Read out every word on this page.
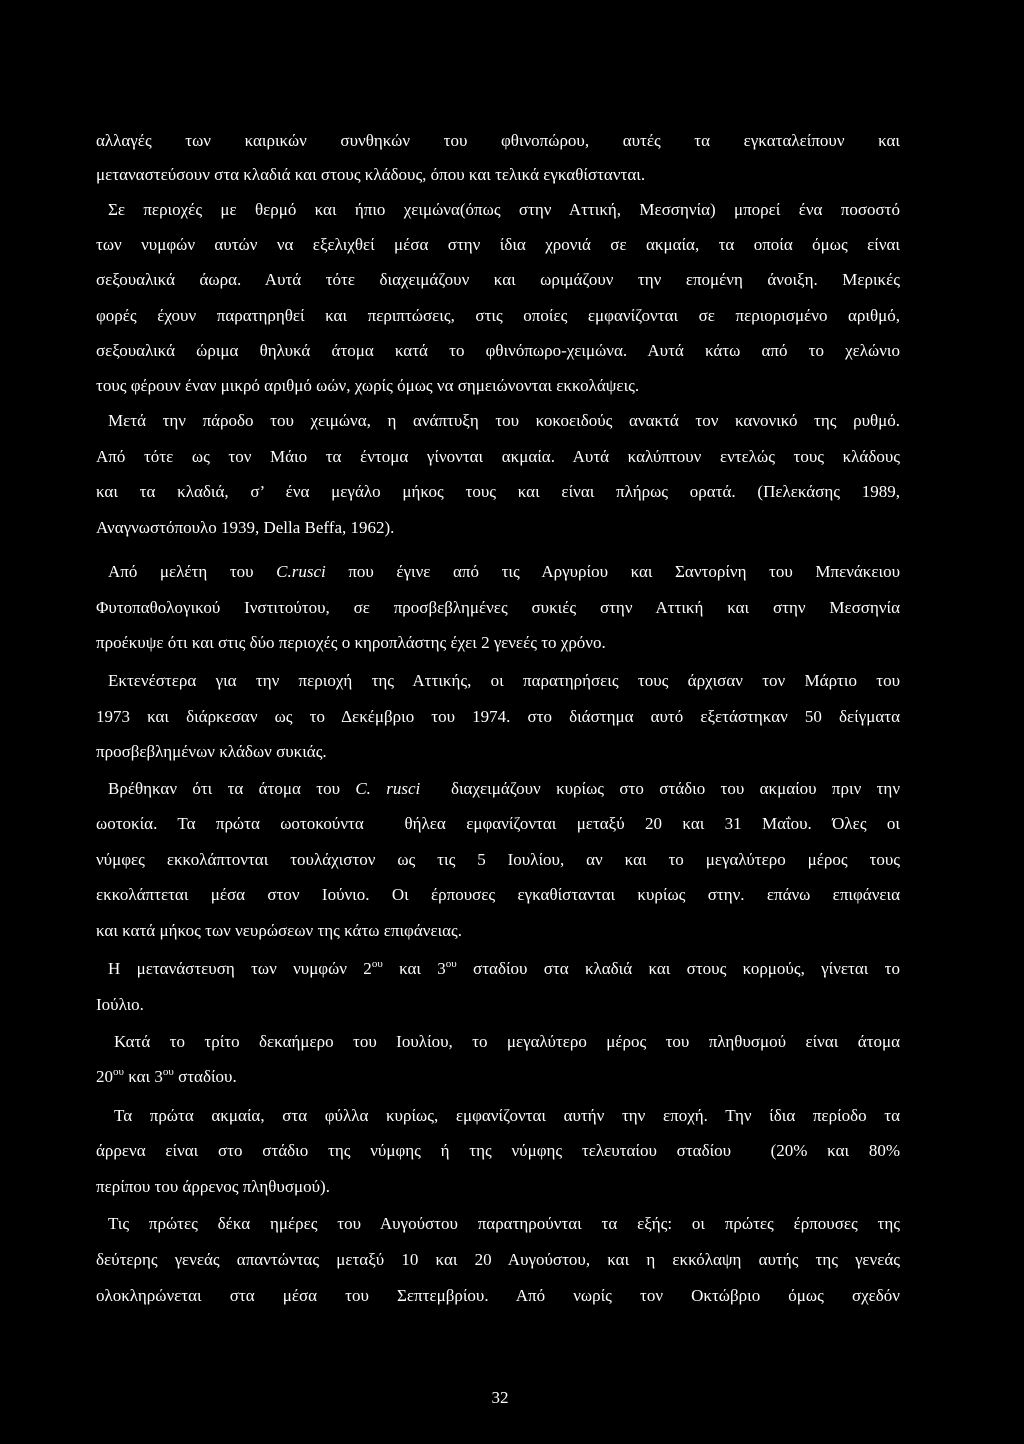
αλλαγές των καιρικών συνθηκών του φθινοπώρου, αυτές τα εγκαταλείπουν και

μεταναστεύσουν στα κλαδιά και στους κλάδους, όπου και τελικά εγκαθίστανται.

Σε περιοχές με θερμό και ήπιο χειμώνα(όπως στην Αττική, Μεσσηνία) μπορεί ένα ποσοστό

των νυμφών αυτών να εξελιχθεί μέσα στην ίδια χρονιά σε ακμαία, τα οποία όμως είναι

σεξουαλικά άωρα. Αυτά τότε διαχειμάζουν και ωριμάζουν την επομένη άνοιξη. Μερικές

φορές έχουν παρατηρηθεί και περιπτώσεις, στις οποίες εμφανίζονται σε περιορισμένο αριθμό,

σεξουαλικά ώριμα θηλυκά άτομα κατά το φθινόπωρο-χειμώνα. Αυτά κάτω από το χελώνιο

τους φέρουν έναν μικρό αριθμό ωών, χωρίς όμως να σημειώνονται εκκολάψεις.

Μετά την πάροδο του χειμώνα, η ανάπτυξη του κοκοειδούς ανακτά τον κανονικό της ρυθμό.

Από τότε ως τον Μάιο τα έντομα γίνονται ακμαία. Αυτά καλύπτουν εντελώς τους κλάδους

και τα κλαδιά, σ’ ένα μεγάλο μήκος τους και είναι πλήρως ορατά. (Πελεκάσης 1989,

Αναγνωστόπουλο 1939, Della Beffa, 1962).

Από μελέτη του C.rusci που έγινε από τις Αργυρίου και Σαντορίνη του Μπενάκειου

Φυτοπαθολογικού Ινστιτούτου, σε προσβεβλημένες συκιές στην Αττική και στην Μεσσηνία

προέκυψε ότι και στις δύο περιοχές ο κηροπλάστης έχει 2 γενεές το χρόνο.

Εκτενέστερα για την περιοχή της Αττικής, οι παρατηρήσεις τους άρχισαν τον Μάρτιο του

1973 και διάρκεσαν ως το Δεκέμβριο του 1974. στο διάστημα αυτό εξετάστηκαν 50 δείγματα

προσβεβλημένων κλάδων συκιάς.

Βρέθηκαν ότι τα άτομα του C. rusci  διαχειμάζουν κυρίως στο στάδιο του ακμαίου πριν την

ωοτοκία. Τα πρώτα ωοτοκούντα  θήλεα εμφανίζονται μεταξύ 20 και 31 Μαΐου. Όλες οι

νύμφες εκκολάπτονται τουλάχιστον ως τις 5 Ιουλίου, αν και το μεγαλύτερο μέρος τους

εκκολάπτεται μέσα στον Ιούνιο. Οι έρπουσες εγκαθίστανται κυρίως στην. επάνω επιφάνεια

και κατά μήκος των νευρώσεων της κάτω επιφάνειας.

Η μετανάστευση των νυμφών $2^{o\upsilon}$ και $3^{o\upsilon}$ σταδίου στα κλαδιά και στους κορμούς, γίνεται το

Ιούλιο.

Κατά το τρίτο δεκαήμερο του Ιουλίου, το μεγαλύτερο μέρος του πληθυσμού είναι άτομα

$20^{o\upsilon}$ και $3^{o\upsilon}$ σταδίου.

Τα πρώτα ακμαία, στα φύλλα κυρίως, εμφανίζονται αυτήν την εποχή. Την ίδια περίοδο τα

άρρενα είναι στο στάδιο της νύμφης ή της νύμφης τελευταίου σταδίου  (20% και 80%

περίπου του άρρενος πληθυσμού).

Τις πρώτες δέκα ημέρες του Αυγούστου παρατηρούνται τα εξής: οι πρώτες έρπουσες της

δεύτερης γενεάς απαντώντας μεταξύ 10 και 20 Αυγούστου, και η εκκόλαψη αυτής της γενεάς

ολοκληρώνεται στα μέσα του Σεπτεμβρίου. Από νωρίς τον Οκτώβριο όμως σχεδόν

32
